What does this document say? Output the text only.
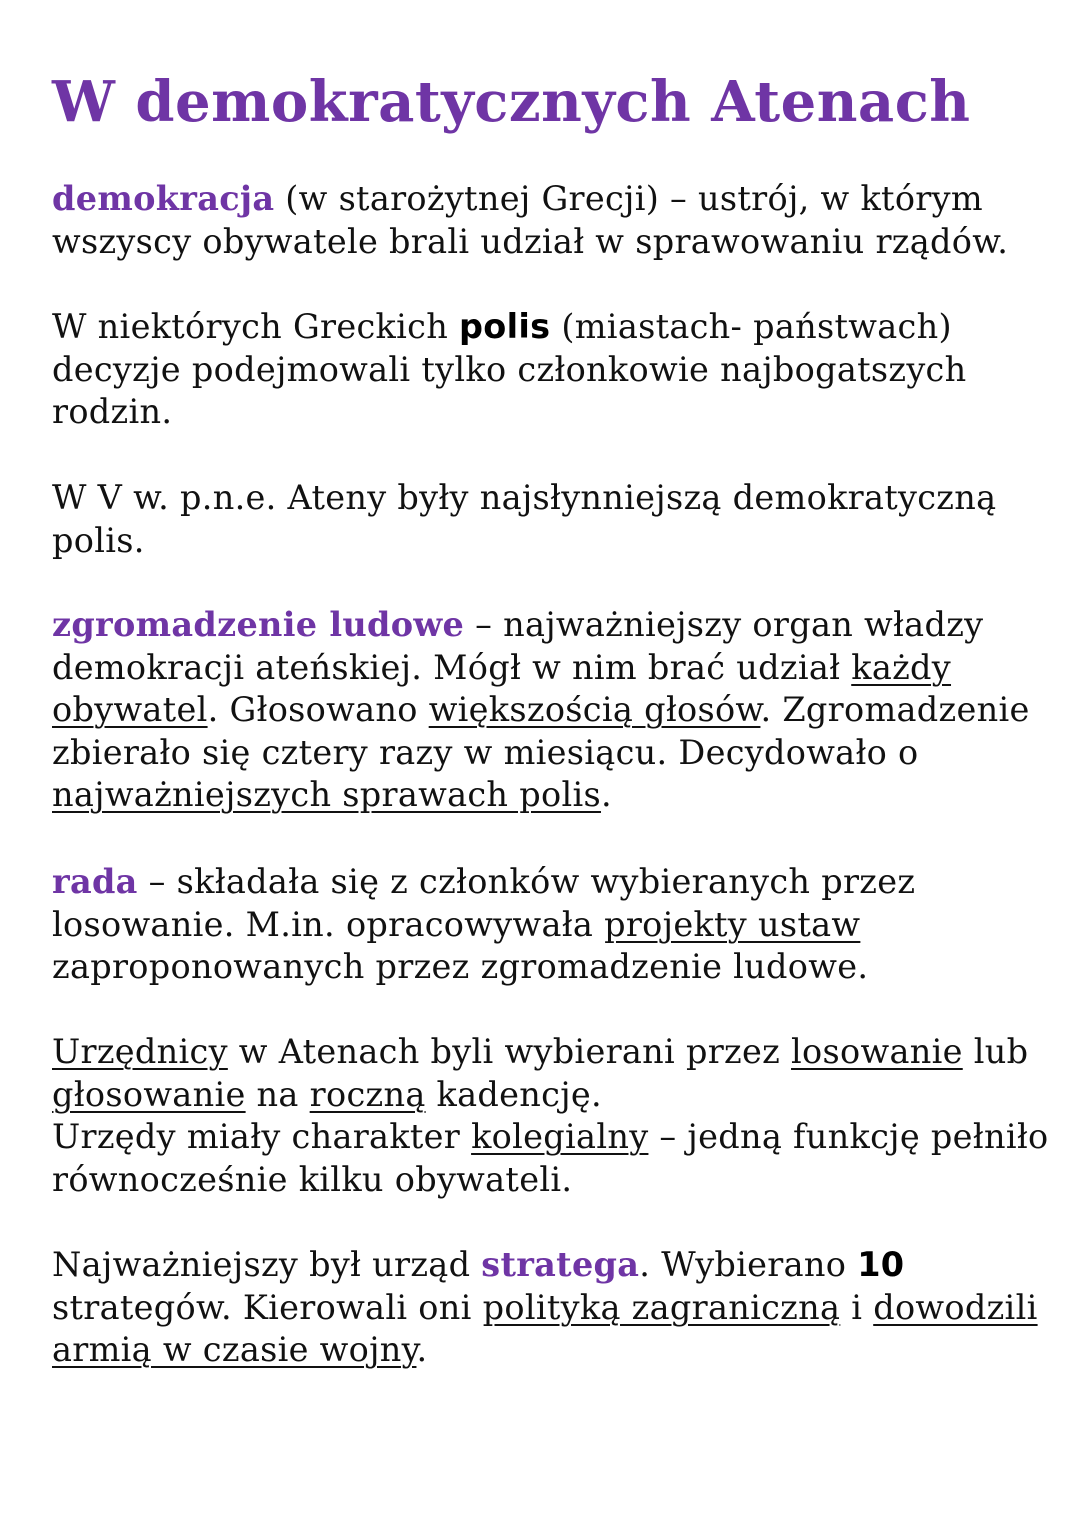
W demokratycznych Atenach

demokracja (w starożytnej Grecji) – ustrój, w którym wszyscy obywatele brali udział w sprawowaniu rządów.

W niektórych Greckich polis (miastach- państwach)
decyzje podejmowali tylko członkowie najbogatszych rodzin.

W V w. p.n.e. Ateny były najsłynniejszą demokratyczną polis.

zgromadzenie ludowe – najważniejszy organ władzy demokracji ateńskiej. Mógł w nim brać udział każdy obywatel. Głosowano większością głosów. Zgromadzenie zbierało się cztery razy w miesiącu. Decydowało o najważniejszych sprawach polis.

rada – składała się z członków wybieranych przez losowanie. M.in. opracowywała projekty ustaw zaproponowanych przez zgromadzenie ludowe.

Urzędnicy w Atenach byli wybierani przez losowanie lub głosowanie na roczną kadencję.
Urzędy miały charakter kolegialny – jedną funkcję pełniło równocześnie kilku obywateli.

Najważniejszy był urząd stratega. Wybierano 10 strategów. Kierowali oni polityką zagraniczną i dowodzili armią w czasie wojny.
